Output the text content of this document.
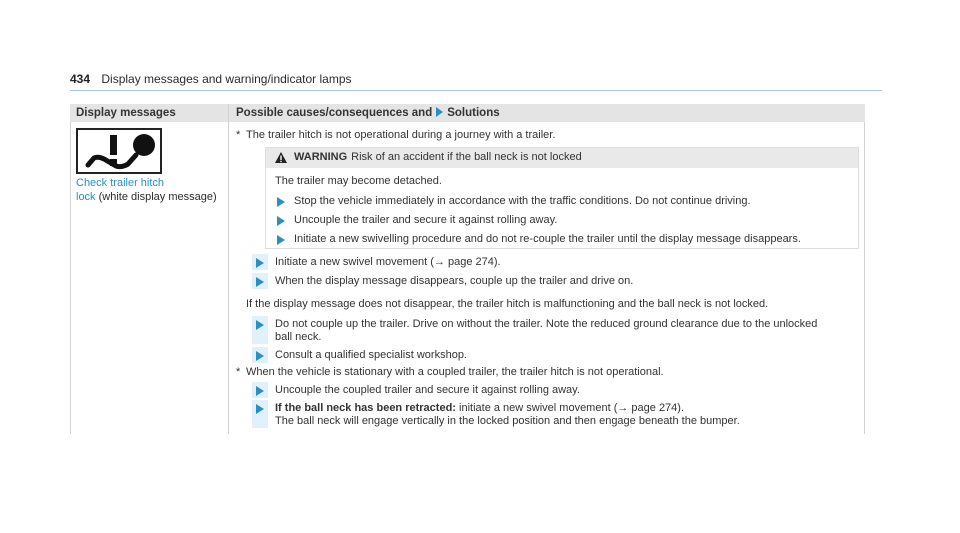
434 Display messages and warning/indicator lamps
Display messages	Possible causes/consequences and Solutions
Check trailer hitch
lock (white display message)
* The trailer hitch is not operational during a journey with a trailer.
WARNING Risk of an accident if the ball neck is not locked
The trailer may become detached.
Stop the vehicle immediately in accordance with the traffic conditions. Do not continue driving.
Uncouple the trailer and secure it against rolling away.
Initiate a new swivelling procedure and do not re-couple the trailer until the display message disappears.
Initiate a new swivel movement (→ page 274).
When the display message disappears, couple up the trailer and drive on.
If the display message does not disappear, the trailer hitch is malfunctioning and the ball neck is not locked.
Do not couple up the trailer. Drive on without the trailer. Note the reduced ground clearance due to the unlocked
ball neck.
Consult a qualified specialist workshop.
* When the vehicle is stationary with a coupled trailer, the trailer hitch is not operational.
Uncouple the coupled trailer and secure it against rolling away.
If the ball neck has been retracted: initiate a new swivel movement (→ page 274).
The ball neck will engage vertically in the locked position and then engage beneath the bumper.
